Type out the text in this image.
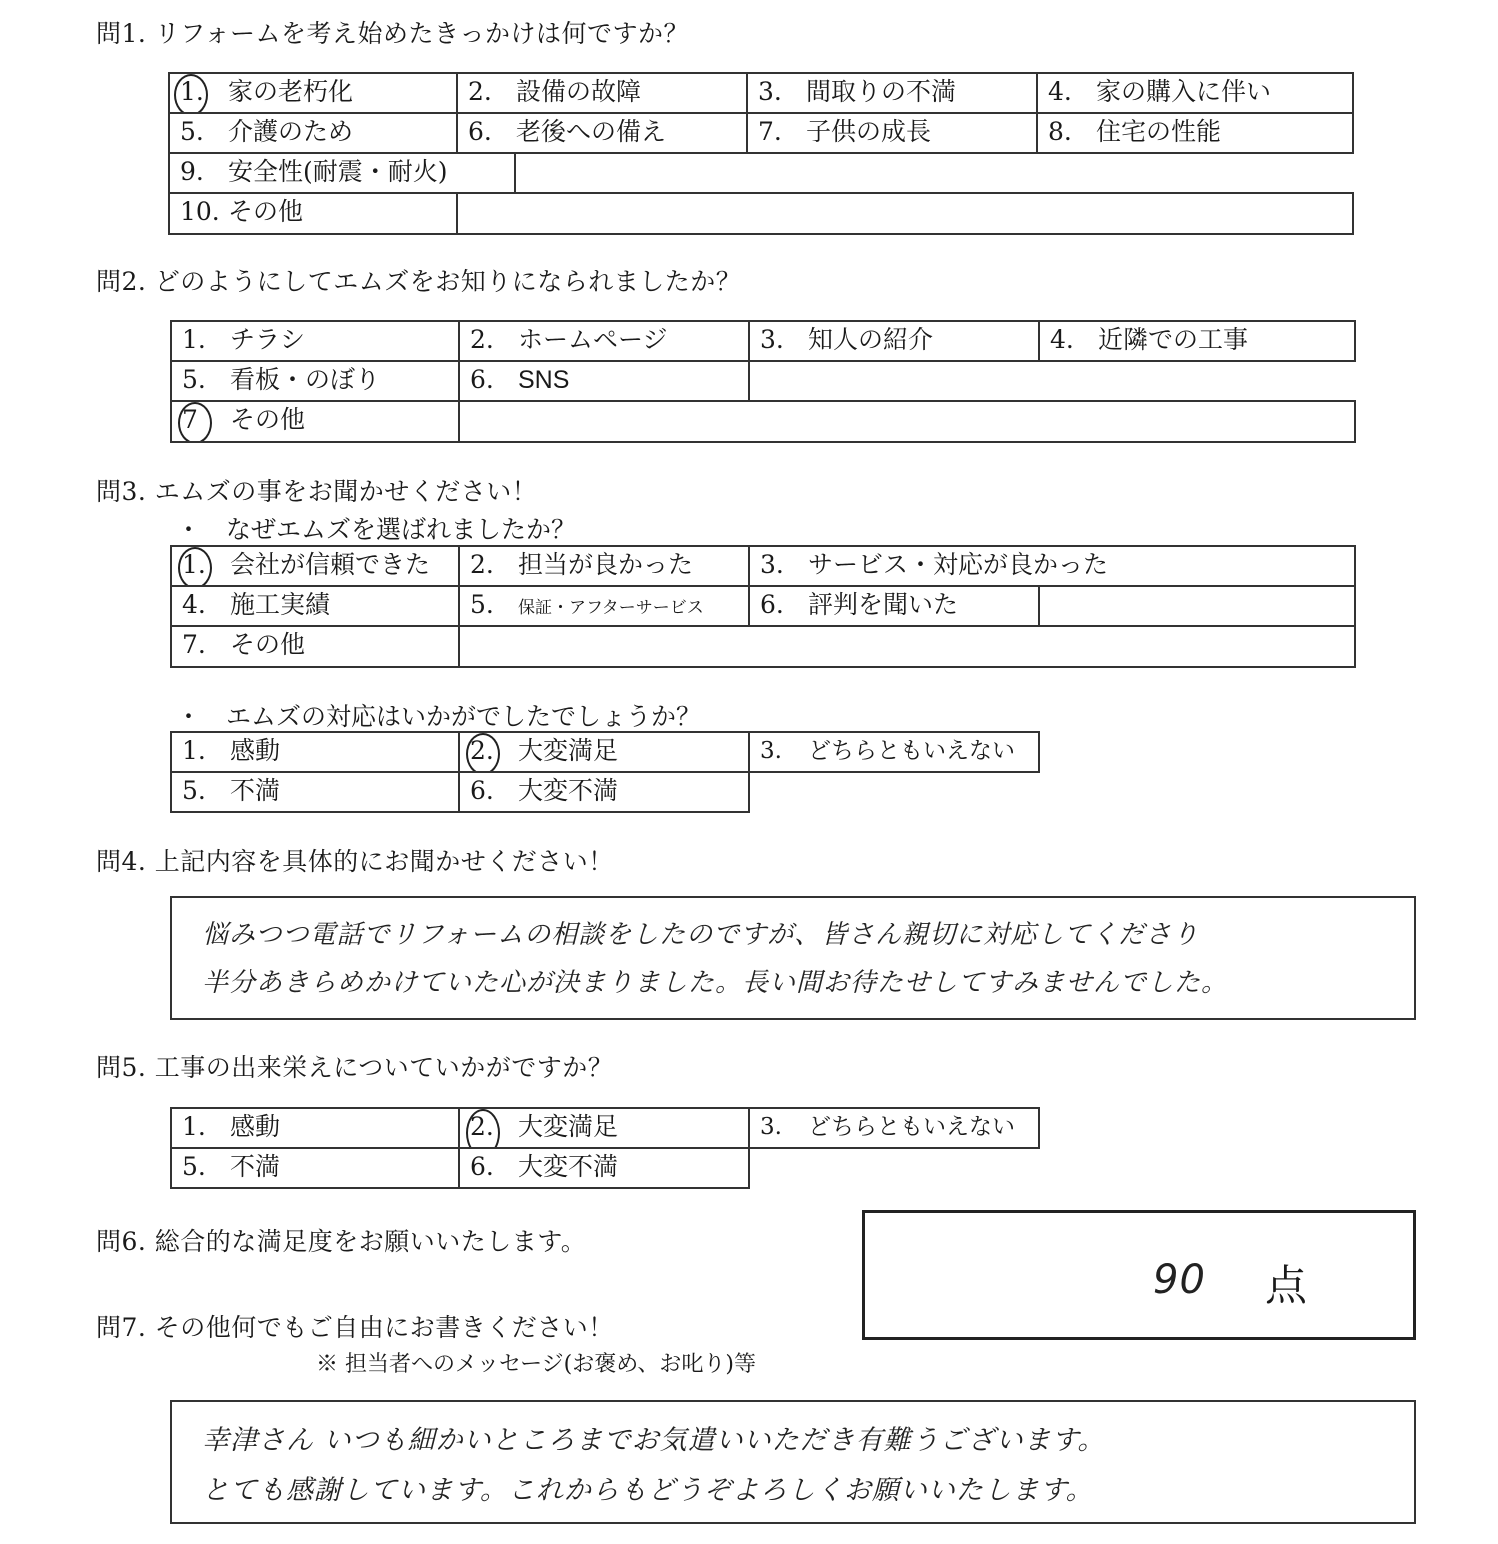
問1. リフォームを考え始めたきっかけは何ですか？
1. 家の老朽化	2. 設備の故障	3. 間取りの不満	4. 家の購入に伴い
5. 介護のため	6. 老後への備え	7. 子供の成長	8. 住宅の性能
9. 安全性(耐震・耐火)
10. その他
問2. どのようにしてエムズをお知りになられましたか？
1. チラシ	2. ホームページ	3. 知人の紹介	4. 近隣での工事
5. 看板・のぼり	6. SNS
7 その他
問3. エムズの事をお聞かせください！
・　なぜエムズを選ばれましたか？
1. 会社が信頼できた	2. 担当が良かった	3. サービス・対応が良かった
4. 施工実績	5. 保証・アフターサービス	6. 評判を聞いた
7. その他
・　エムズの対応はいかがでしたでしょうか？
1. 感動	2. 大変満足	3. どちらともいえない
5. 不満	6. 大変不満
問4. 上記内容を具体的にお聞かせください！
悩みつつ電話でリフォームの相談をしたのですが、皆さん親切に対応してくださり
半分あきらめかけていた心が決まりました。長い間お待たせしてすみませんでした。
問5. 工事の出来栄えについていかがですか？
1. 感動	2. 大変満足	3. どちらともいえない
5. 不満	6. 大変不満
問6. 総合的な満足度をお願いいたします。
90 点
問7. その他何でもご自由にお書きください！
※ 担当者へのメッセージ(お褒め、お叱り)等
幸津さん いつも細かいところまでお気遣いいただき有難うございます。
とても感謝しています。これからもどうぞよろしくお願いいたします。
